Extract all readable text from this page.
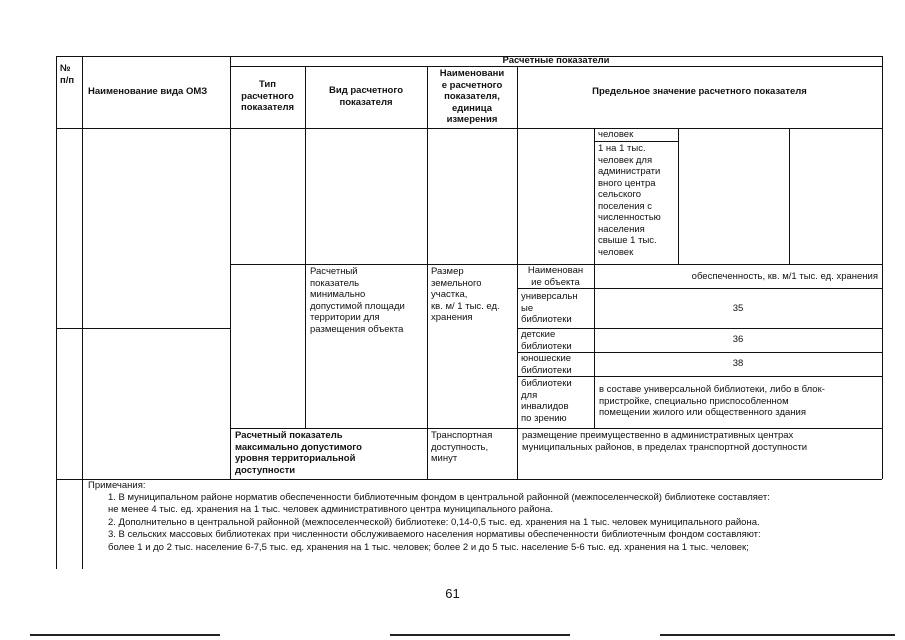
№
п/п
Наименование вида ОМЗ
Расчетные показатели
Тип
расчетного
показателя
Вид расчетного
показателя
Наименовани
е расчетного
показателя,
единица
измерения
Предельное значение расчетного показателя
человек
1 на 1 тыс.
человек для
администрати
вного центра
сельского
поселения с
численностью
населения
свыше 1 тыс.
человек
Расчетный
показатель
минимально
допустимой площади
территории для
размещения объекта
Размер
земельного
участка,
кв. м/ 1 тыс. ед.
хранения
Наименован
ие объекта	обеспеченность, кв. м/1 тыс. ед. хранения
универсальн
ые
библиотеки
35
детские
библиотеки
36
юношеские
библиотеки
38
библиотеки
для
инвалидов
по зрению
в составе универсальной библиотеки, либо в блок-
пристройке, специально приспособленном
помещении жилого или общественного здания
Расчетный показатель
максимально допустимого
уровня территориальной
доступности
Транспортная
доступность,
минут
размещение преимущественно в административных центрах
муниципальных районов, в пределах транспортной доступности
Примечания:
1. В муниципальном районе норматив обеспеченности библиотечным фондом в центральной районной (межпоселенческой) библиотеке составляет:
не менее 4 тыс. ед. хранения на 1 тыс. человек административного центра муниципального района.
2. Дополнительно в центральной районной (межпоселенческой) библиотеке: 0,14-0,5 тыс. ед. хранения на 1 тыс. человек муниципального района.
3. В сельских массовых библиотеках при численности обслуживаемого населения нормативы обеспеченности библиотечным фондом составляют:
более 1 и до 2 тыс. население 6-7,5 тыс. ед. хранения на 1 тыс. человек; более 2 и до 5 тыс. население 5-6 тыс. ед. хранения на 1 тыс. человек;
61
